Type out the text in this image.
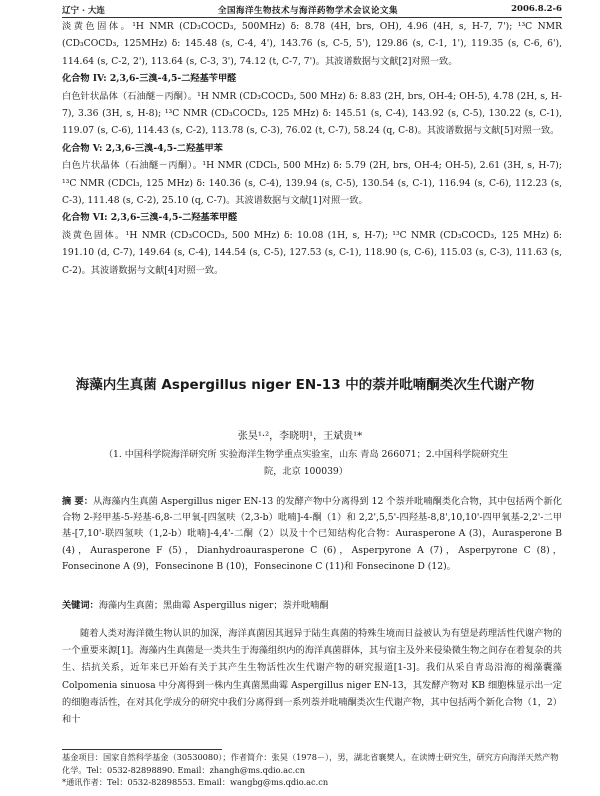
辽宁 · 大连	全国海洋生物技术与海洋药物学术会议论文集	2006.8.2-6

淡黄色固体。¹H NMR (CD₃COCD₃, 500MHz) δ: 8.78 (4H, brs, OH), 4.96 (4H, s, H-7, 7'); ¹³C NMR (CD₃COCD₃, 125MHz) δ: 145.48 (s, C-4, 4'), 143.76 (s, C-5, 5'), 129.86 (s, C-1, 1'), 119.35 (s, C-6, 6'), 114.64 (s, C-2, 2'), 113.64 (s, C-3, 3'), 74.12 (t, C-7, 7')。其波谱数据与文献[2]对照一致。

化合物 IV: 2,3,6-三溴-4,5-二羟基苄甲醛

白色针状晶体（石油醚－丙酮）。¹H NMR (CD₃COCD₃, 500 MHz) δ: 8.83 (2H, brs, OH-4; OH-5), 4.78 (2H, s, H-7), 3.36 (3H, s, H-8); ¹³C NMR (CD₃COCD₃, 125 MHz) δ: 145.51 (s, C-4), 143.92 (s, C-5), 130.22 (s, C-1), 119.07 (s, C-6), 114.43 (s, C-2), 113.78 (s, C-3), 76.02 (t, C-7), 58.24 (q, C-8)。其波谱数据与文献[5]对照一致。

化合物 V: 2,3,6-三溴-4,5-二羟基甲苯

白色片状晶体（石油醚－丙酮）。¹H NMR (CDCl₃, 500 MHz) δ: 5.79 (2H, brs, OH-4; OH-5), 2.61 (3H, s, H-7); ¹³C NMR (CDCl₃, 125 MHz) δ: 140.36 (s, C-4), 139.94 (s, C-5), 130.54 (s, C-1), 116.94 (s, C-6), 112.23 (s, C-3), 111.48 (s, C-2), 25.10 (q, C-7)。其波谱数据与文献[1]对照一致。

化合物 VI: 2,3,6-三溴-4,5-二羟基苯甲醛

淡黄色固体。¹H NMR (CD₃COCD₃, 500 MHz) δ: 10.08 (1H, s, H-7); ¹³C NMR (CD₃COCD₃, 125 MHz) δ: 191.10 (d, C-7), 149.64 (s, C-4), 144.54 (s, C-5), 127.53 (s, C-1), 118.90 (s, C-6), 115.03 (s, C-3), 111.63 (s, C-2)。其波谱数据与文献[4]对照一致。

海藻内生真菌 Aspergillus niger EN-13 中的萘并吡喃酮类次生代谢产物
张昊¹·²，李晓明¹，王斌贵¹*
（1. 中国科学院海洋研究所 实验海洋生物学重点实验室，山东 青岛 266071；2.中国科学院研究生院，北京 100039）
摘 要：从海藻内生真菌 Aspergillus niger EN-13 的发酵产物中分离得到 12 个萘并吡喃酮类化合物，其中包括两个新化合物 2-羟甲基-5-羟基-6,8-二甲氧-[四氢呋（2,3-b）吡喃]-4-酮（1）和 2,2',5,5'-四羟基-8,8',10,10'-四甲氧基-2,2'-二甲基-[7,10'-联四氢呋（1,2-b）吡喃]-4,4'-二酮（2）以及十个已知结构化合物：Aurasperone A (3)，Aurasperone B (4)，Aurasperone F (5)，Dianhydroaurasperone C (6)，Asperpyrone A (7)，Asperpyrone C (8)，Fonsecinone A (9)，Fonsecinone B (10)，Fonsecinone C (11)和 Fonsecinone D (12)。
关键词：海藻内生真菌；黑曲霉 Aspergillus niger；萘并吡喃酮
随着人类对海洋微生物认识的加深，海洋真菌因其迥异于陆生真菌的特殊生境而日益被认为有望是药理活性代谢产物的一个重要来源[1]。海藻内生真菌是一类共生于海藻组织内的海洋真菌群体，其与宿主及外来侵染微生物之间存在着复杂的共生、拮抗关系，近年来已开始有关于其产生生物活性次生代谢产物的研究报道[1-3]。我们从采自青岛沿海的褐藻囊藻 Colpomenia sinuosa 中分离得到一株内生真菌黑曲霉 Aspergillus niger EN-13，其发酵产物对 KB 细胞株显示出一定的细胞毒活性，在对其化学成分的研究中我们分离得到一系列萘并吡喃酮类次生代谢产物，其中包括两个新化合物（1，2）和十
基金项目：国家自然科学基金（30530080）；作者简介：张昊（1978－），男，湖北省襄樊人，在读博士研究生，研究方向海洋天然产物化学。Tel：0532-82898890. Email：zhangh@ms.qdio.ac.cn
*通讯作者：Tel：0532-82898553. Email：wangbg@ms.qdio.ac.cn
